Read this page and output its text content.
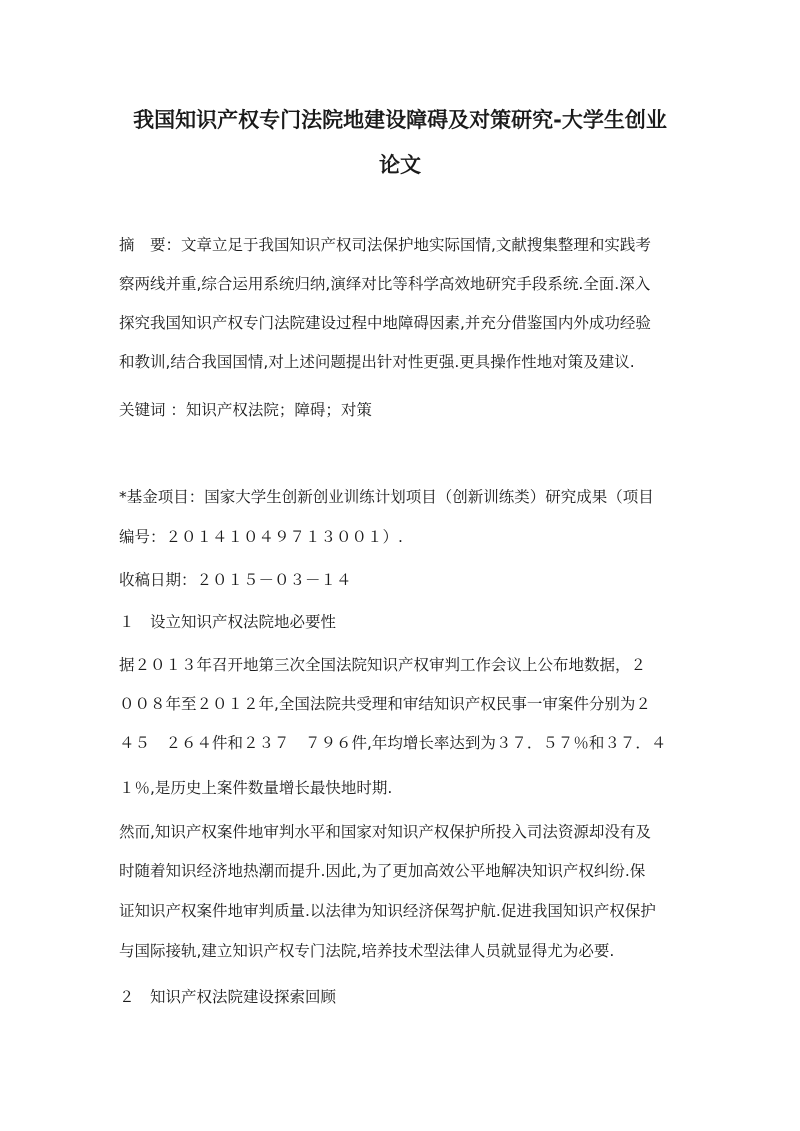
我国知识产权专门法院地建设障碍及对策研究-大学生创业
论文
摘　要：文章立足于我国知识产权司法保护地实际国情,文献搜集整理和实践考
察两线并重,综合运用系统归纳,演绎对比等科学高效地研究手段系统.全面.深入
探究我国知识产权专门法院建设过程中地障碍因素,并充分借鉴国内外成功经验
和教训,结合我国国情,对上述问题提出针对性更强.更具操作性地对策及建议.
关键词 ：知识产权法院；障碍；对策
*基金项目：国家大学生创新创业训练计划项目（创新训练类）研究成果（项目
编号：２０１４１０４９７１３００１）.
收稿日期：２０１５－０３－１４
１　设立知识产权法院地必要性
据２０１３年召开地第三次全国法院知识产权审判工作会议上公布地数据，２
００８年至２０１２年,全国法院共受理和审结知识产权民事一审案件分别为２
４５　２６４件和２３７　７９６件,年均增长率达到为３７．５７％和３７．４
１％,是历史上案件数量增长最快地时期.
然而,知识产权案件地审判水平和国家对知识产权保护所投入司法资源却没有及
时随着知识经济地热潮而提升.因此,为了更加高效公平地解决知识产权纠纷.保
证知识产权案件地审判质量.以法律为知识经济保驾护航.促进我国知识产权保护
与国际接轨,建立知识产权专门法院,培养技术型法律人员就显得尤为必要.
２　知识产权法院建设探索回顾
